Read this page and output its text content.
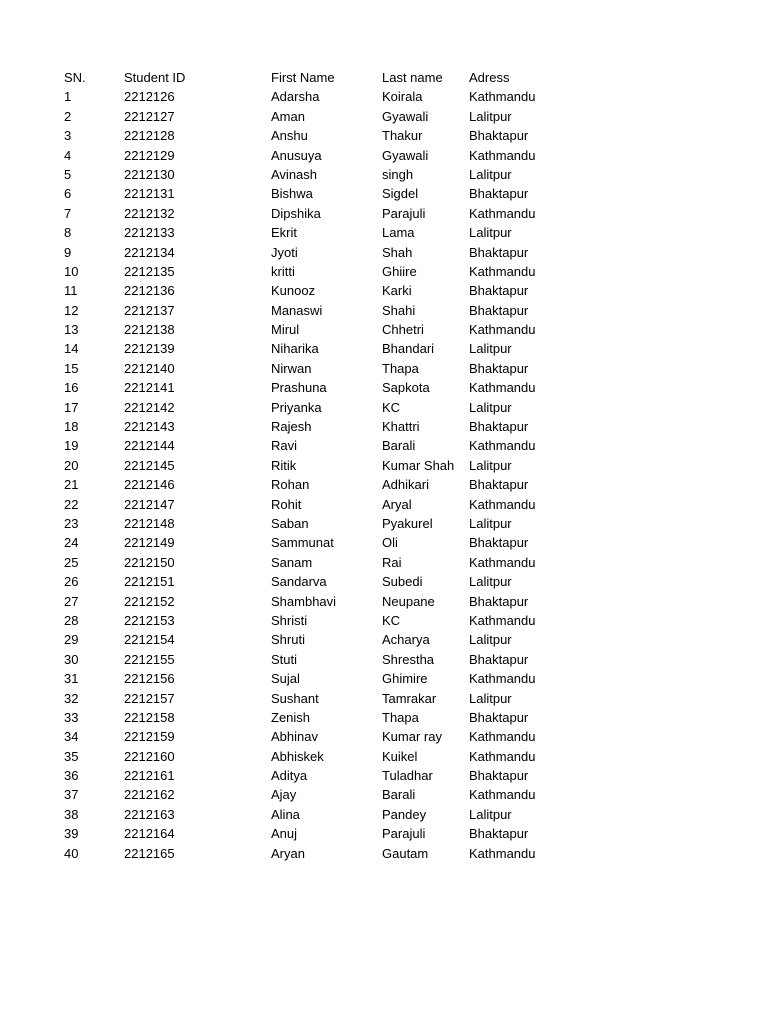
SN.	Student ID	First Name	Last name	Adress
1	2212126	Adarsha	Koirala	Kathmandu
2	2212127	Aman	Gyawali	Lalitpur
3	2212128	Anshu	Thakur	Bhaktapur
4	2212129	Anusuya	Gyawali	Kathmandu
5	2212130	Avinash	singh	Lalitpur
6	2212131	Bishwa	Sigdel	Bhaktapur
7	2212132	Dipshika	Parajuli	Kathmandu
8	2212133	Ekrit	Lama	Lalitpur
9	2212134	Jyoti	Shah	Bhaktapur
10	2212135	kritti	Ghiire	Kathmandu
11	2212136	Kunooz	Karki	Bhaktapur
12	2212137	Manaswi	Shahi	Bhaktapur
13	2212138	Mirul	Chhetri	Kathmandu
14	2212139	Niharika	Bhandari	Lalitpur
15	2212140	Nirwan	Thapa	Bhaktapur
16	2212141	Prashuna	Sapkota	Kathmandu
17	2212142	Priyanka	KC	Lalitpur
18	2212143	Rajesh	Khattri	Bhaktapur
19	2212144	Ravi	Barali	Kathmandu
20	2212145	Ritik	Kumar Shah	Lalitpur
21	2212146	Rohan	Adhikari	Bhaktapur
22	2212147	Rohit	Aryal	Kathmandu
23	2212148	Saban	Pyakurel	Lalitpur
24	2212149	Sammunat	Oli	Bhaktapur
25	2212150	Sanam	Rai	Kathmandu
26	2212151	Sandarva	Subedi	Lalitpur
27	2212152	Shambhavi	Neupane	Bhaktapur
28	2212153	Shristi	KC	Kathmandu
29	2212154	Shruti	Acharya	Lalitpur
30	2212155	Stuti	Shrestha	Bhaktapur
31	2212156	Sujal	Ghimire	Kathmandu
32	2212157	Sushant	Tamrakar	Lalitpur
33	2212158	Zenish	Thapa	Bhaktapur
34	2212159	Abhinav	Kumar ray	Kathmandu
35	2212160	Abhiskek	Kuikel	Kathmandu
36	2212161	Aditya	Tuladhar	Bhaktapur
37	2212162	Ajay	Barali	Kathmandu
38	2212163	Alina	Pandey	Lalitpur
39	2212164	Anuj	Parajuli	Bhaktapur
40	2212165	Aryan	Gautam	Kathmandu
